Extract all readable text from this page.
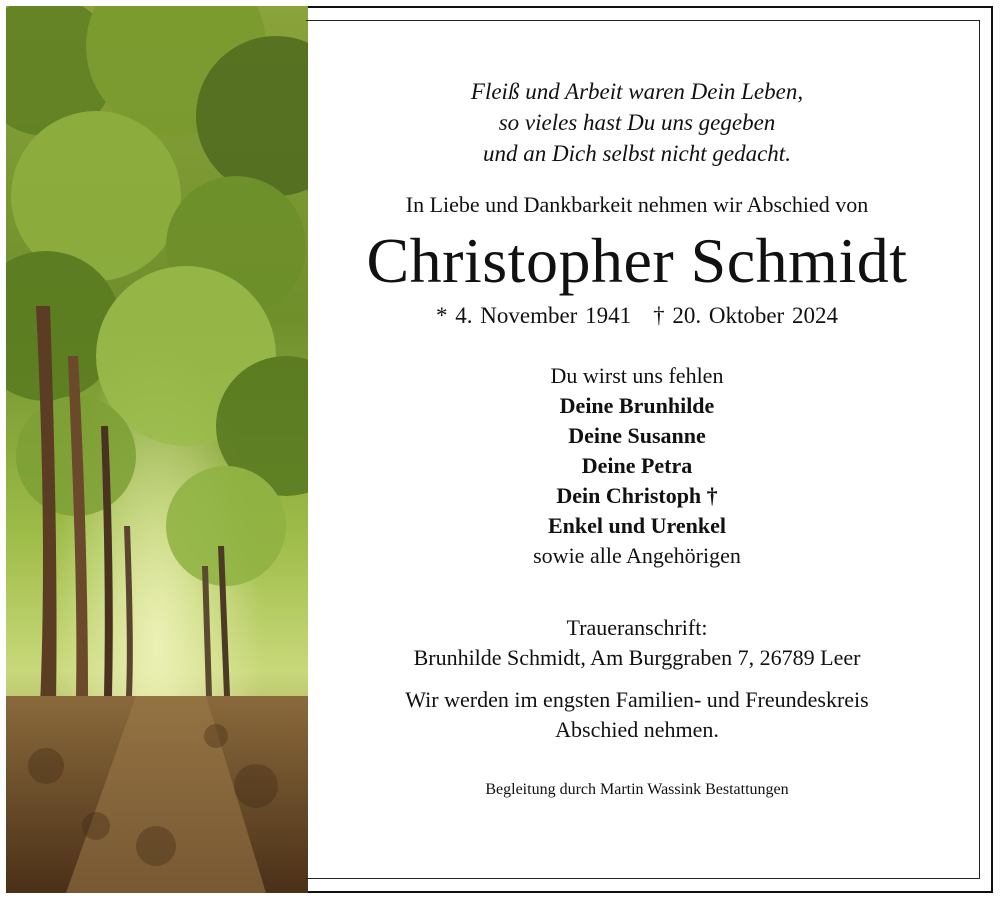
Fleiß und Arbeit waren Dein Leben,
so vieles hast Du uns gegeben
und an Dich selbst nicht gedacht.
In Liebe und Dankbarkeit nehmen wir Abschied von
Christopher Schmidt
* 4. November 1941 † 20. Oktober 2024
Du wirst uns fehlen
Deine Brunhilde
Deine Susanne
Deine Petra
Dein Christoph †
Enkel und Urenkel
sowie alle Angehörigen
Traueranschrift:
Brunhilde Schmidt, Am Burggraben 7, 26789 Leer
Wir werden im engsten Familien- und Freundeskreis
Abschied nehmen.
Begleitung durch Martin Wassink Bestattungen
